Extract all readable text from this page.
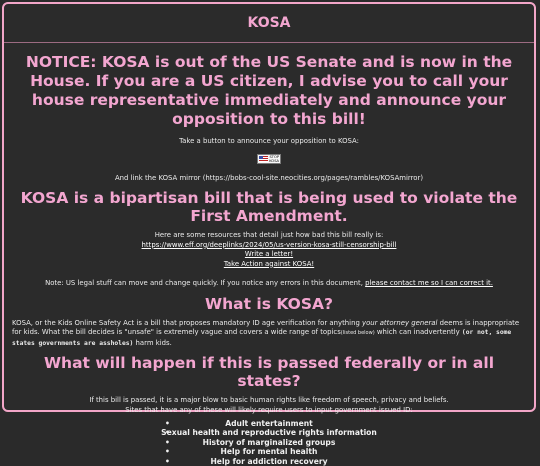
KOSA
NOTICE: KOSA is out of the US Senate and is now in the House. If you are a US citizen, I advise you to call your house representative immediately and announce your opposition to this bill!

Take a button to announce your opposition to KOSA:

STOP
KOSA

And link the KOSA mirror (https://bobs-cool-site.neocities.org/pages/rambles/KOSAmirror)

KOSA is a bipartisan bill that is being used to violate the First Amendment.

Here are some resources that detail just how bad this bill really is:

https://www.eff.org/deeplinks/2024/05/us-version-kosa-still-censorship-bill

Write a letter!

Take Action against KOSA!

Note: US legal stuff can move and change quickly. If you notice any errors in this document, please contact me so I can correct it.

What is KOSA?

KOSA, or the Kids Online Safety Act is a bill that proposes mandatory ID age verification for anything your attorney general deems is inappropriate for kids. What the bill decides is "unsafe" is extremely vague and covers a wide range of topics(listed below) which can inadvertently (or not, some states governments are assholes) harm kids.

What will happen if this is passed federally or in all states?

If this bill is passed, it is a major blow to basic human rights like freedom of speech, privacy and beliefs.

Sites that have any of these will likely require users to input government issued ID:

• Adult entertainment
• Sexual health and reproductive rights information
• History of marginalized groups
• Help for mental health
• Help for addiction recovery
